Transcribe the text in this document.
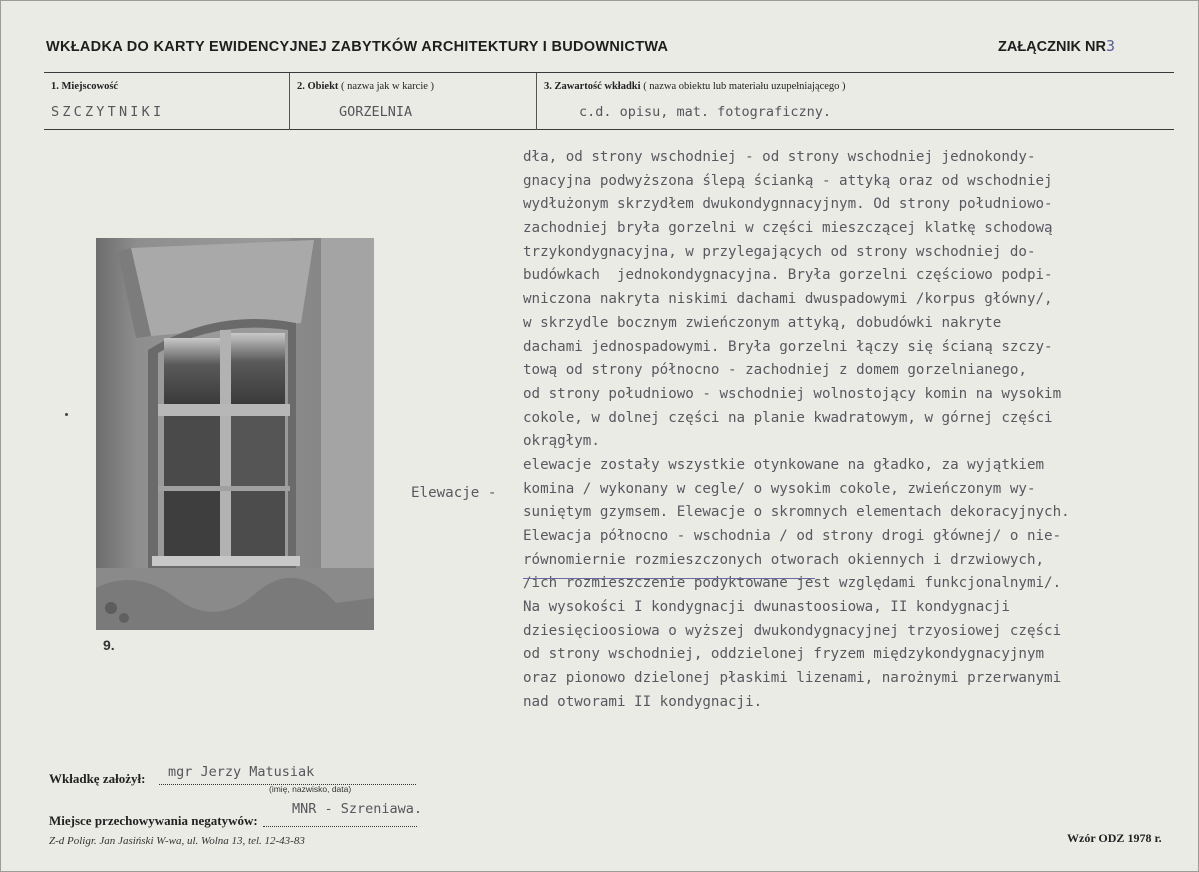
WKŁADKA DO KARTY EWIDENCYJNEJ ZABYTKÓW ARCHITEKTURY I BUDOWNICTWA	ZAŁĄCZNIK NR3
1. Miejscowość	2. Obiekt ( nazwa jak w karcie )	3. Zawartość wkładki ( nazwa obiektu lub materiału uzupełniającego )
SZCZYTNIKI	GORZELNIA	c.d. opisu, mat. fotograficzny.
9.
dła, od strony wschodniej - od strony wschodniej jednokondy-
gnacyjna podwyższona ślepą ścianką - attyką oraz od wschodniej
wydłużonym skrzydłem dwukondygnnacyjnym. Od strony południowo-
zachodniej bryła gorzelni w części mieszczącej klatkę schodową
trzykondygnacyjna, w przylegających od strony wschodniej do-
budówkach  jednokondygnacyjna. Bryła gorzelni częściowo podpi-
wniczona nakryta niskimi dachami dwuspadowymi /korpus główny/,
w skrzydle bocznym zwieńczonym attyką, dobudówki nakryte
dachami jednospadowymi. Bryła gorzelni łączy się ścianą szczy-
tową od strony północno - zachodniej z domem gorzelnianego,
od strony południowo - wschodniej wolnostojący komin na wysokim
cokole, w dolnej części na planie kwadratowym, w górnej części
okrągłym.
elewacje zostały wszystkie otynkowane na gładko, za wyjątkiem
komina / wykonany w cegle/ o wysokim cokole, zwieńczonym wy-
suniętym gzymsem. Elewacje o skromnych elementach dekoracyjnych.
Elewacja północno - wschodnia / od strony drogi głównej/ o nie-
równomiernie rozmieszczonych otworach okiennych i drzwiowych,
/ich rozmieszczenie podyktowane jest względami funkcjonalnymi/.
Na wysokości I kondygnacji dwunastoosiowa, II kondygnacji
dziesięcioosiowa o wyższej dwukondygnacyjnej trzyosiowej części
od strony wschodniej, oddzielonej fryzem międzykondygnacyjnym
oraz pionowo dzielonej płaskimi lizenami, narożnymi przerwanymi
nad otworami II kondygnacji.
Elewacje -
Wkładkę założył: mgr Jerzy Matusiak
(imię, nazwisko, data)
Miejsce przechowywania negatywów:
MNR - Szreniawa.
Z-d Poligr. Jan Jasiński W-wa, ul. Wolna 13, tel. 12-43-83	Wzór ODZ 1978 r.
